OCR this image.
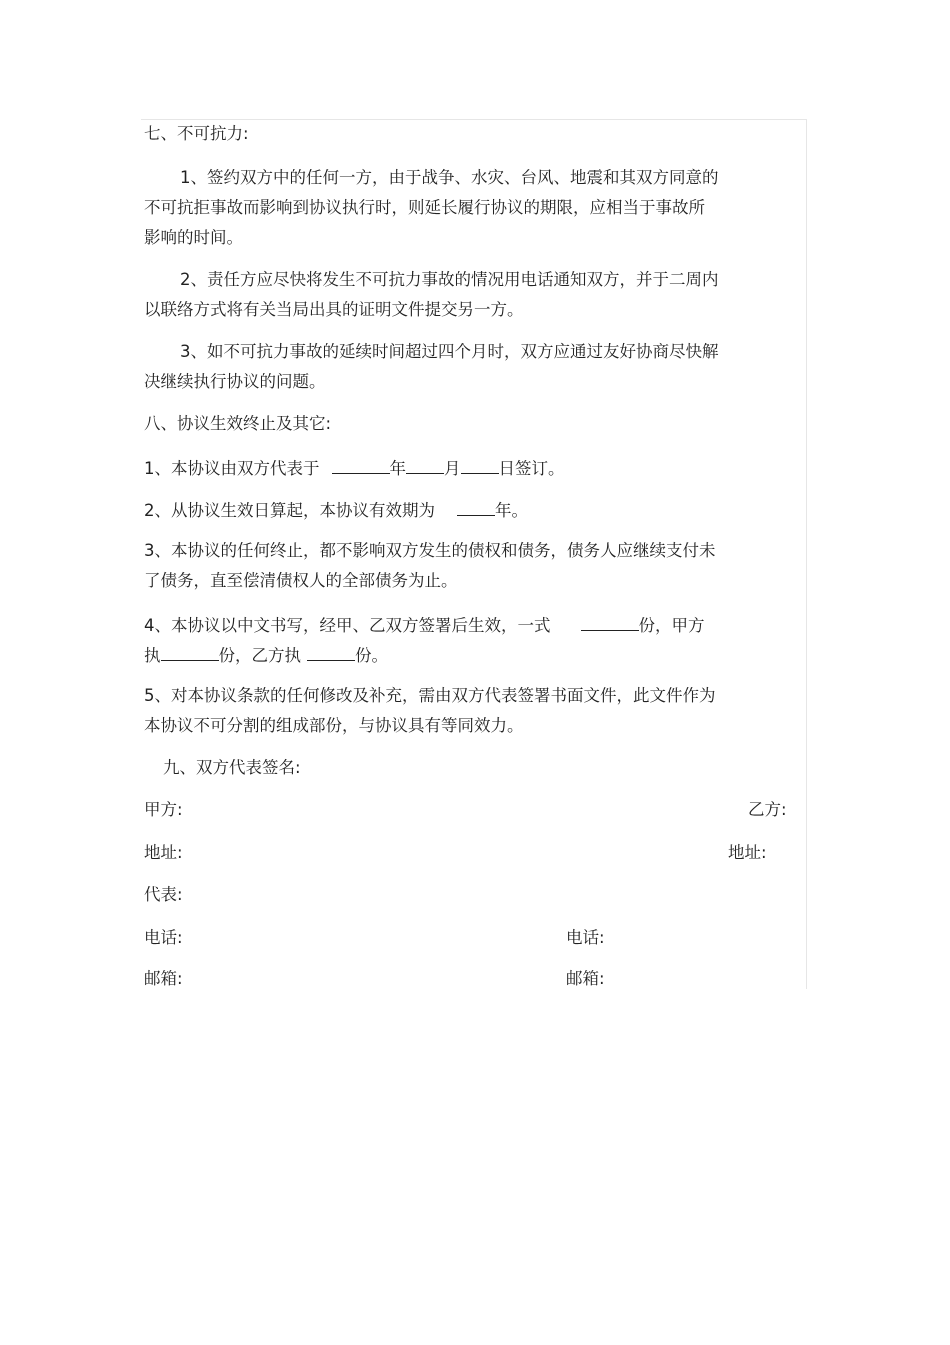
七、不可抗力:
1、签约双方中的任何一方，由于战争、水灾、台风、地震和其双方同意的
不可抗拒事故而影响到协议执行时，则延长履行协议的期限，应相当于事故所
影响的时间。
2、责任方应尽快将发生不可抗力事故的情况用电话通知双方，并于二周内
以联络方式将有关当局出具的证明文件提交另一方。
3、如不可抗力事故的延续时间超过四个月时，双方应通过友好协商尽快解
决继续执行协议的问题。
八、协议生效终止及其它:
1、本协议由双方代表于	年 月 日签订。
2、从协议生效日算起，本协议有效期为	年。
3、本协议的任何终止，都不影响双方发生的债权和债务，债务人应继续支付未
了债务，直至偿清债权人的全部债务为止。
4、本协议以中文书写，经甲、乙双方签署后生效，一式	份，甲方
执	份，乙方执	份。
5、对本协议条款的任何修改及补充，需由双方代表签署书面文件，此文件作为
本协议不可分割的组成部份，与协议具有等同效力。
九、双方代表签名:
甲方:	乙方:
地址:	地址:
代表:
电话:	电话:
邮箱:	邮箱:
